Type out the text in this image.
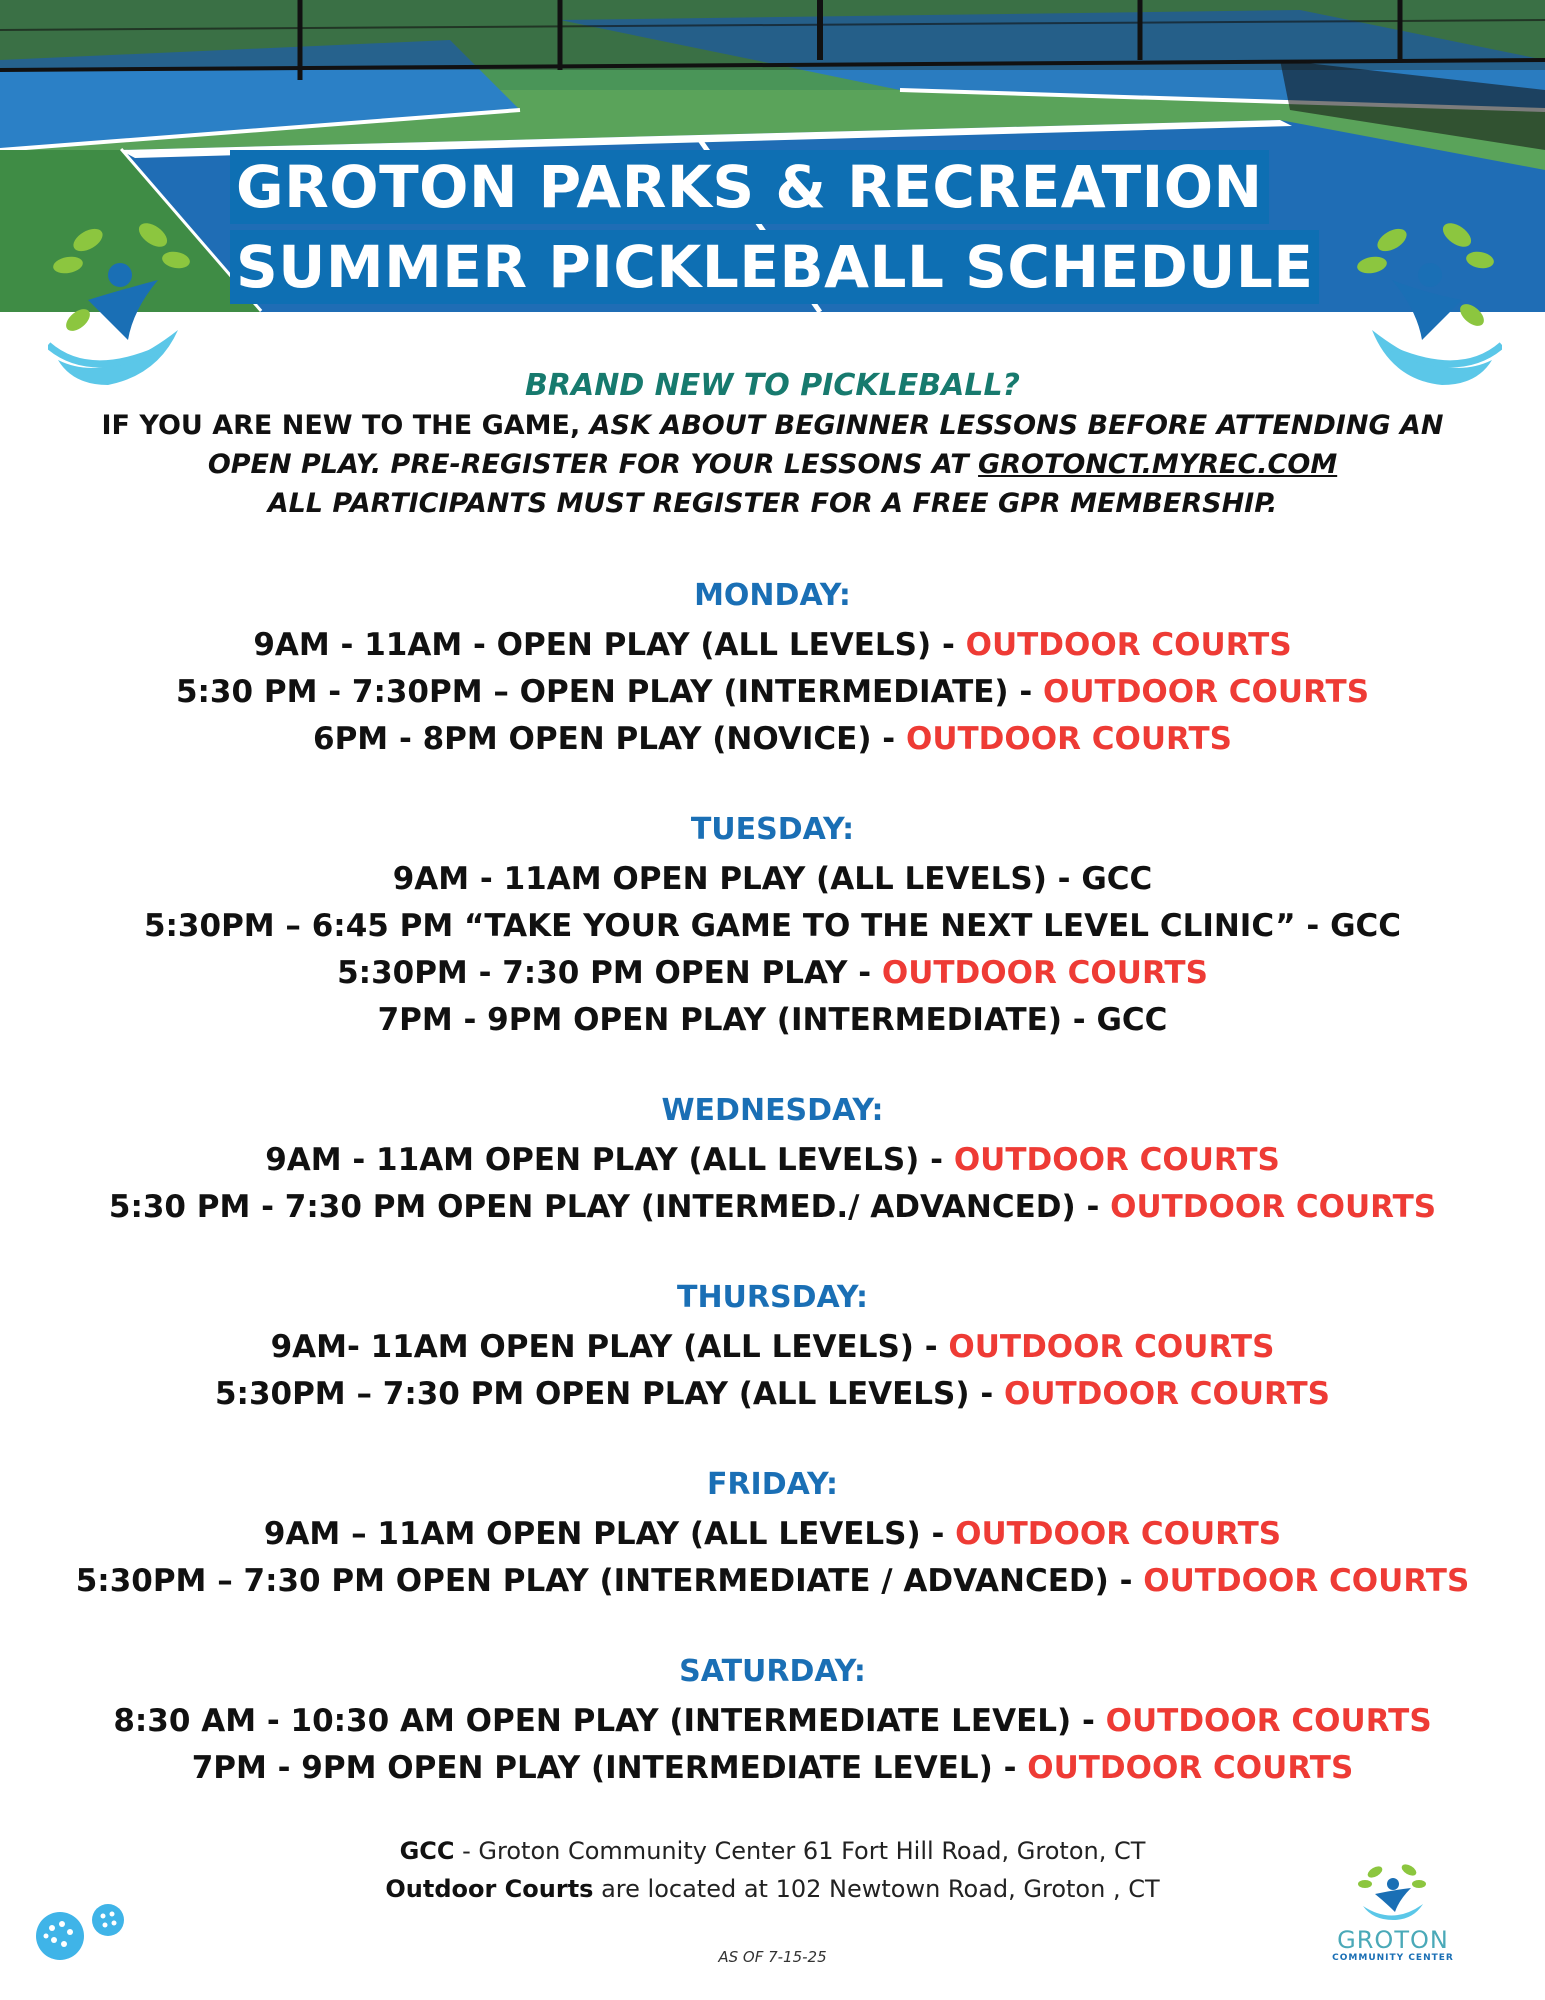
GROTON PARKS & RECREATION
SUMMER PICKLEBALL SCHEDULE
BRAND NEW TO PICKLEBALL?
IF YOU ARE NEW TO THE GAME, ASK ABOUT BEGINNER LESSONS BEFORE ATTENDING AN
OPEN PLAY. PRE-REGISTER FOR YOUR LESSONS AT GROTONCT.MYREC.COM
ALL PARTICIPANTS MUST REGISTER FOR A FREE GPR MEMBERSHIP.
MONDAY:
9AM - 11AM - OPEN PLAY (ALL LEVELS) - OUTDOOR COURTS
5:30 PM - 7:30PM – OPEN PLAY (INTERMEDIATE) - OUTDOOR COURTS
6PM - 8PM OPEN PLAY (NOVICE) - OUTDOOR COURTS
TUESDAY:
9AM - 11AM OPEN PLAY (ALL LEVELS) - GCC
5:30PM – 6:45 PM “TAKE YOUR GAME TO THE NEXT LEVEL CLINIC” - GCC
5:30PM - 7:30 PM OPEN PLAY - OUTDOOR COURTS
7PM - 9PM OPEN PLAY (INTERMEDIATE) - GCC
WEDNESDAY:
9AM - 11AM OPEN PLAY (ALL LEVELS) - OUTDOOR COURTS
5:30 PM - 7:30 PM OPEN PLAY (INTERMED./ ADVANCED) - OUTDOOR COURTS
THURSDAY:
9AM- 11AM OPEN PLAY (ALL LEVELS) - OUTDOOR COURTS
5:30PM – 7:30 PM OPEN PLAY (ALL LEVELS) - OUTDOOR COURTS
FRIDAY:
9AM – 11AM OPEN PLAY (ALL LEVELS) - OUTDOOR COURTS
5:30PM – 7:30 PM OPEN PLAY (INTERMEDIATE / ADVANCED) - OUTDOOR COURTS
SATURDAY:
8:30 AM - 10:30 AM OPEN PLAY (INTERMEDIATE LEVEL) - OUTDOOR COURTS
7PM - 9PM OPEN PLAY (INTERMEDIATE LEVEL) - OUTDOOR COURTS
GCC - Groton Community Center 61 Fort Hill Road, Groton, CT
Outdoor Courts are located at 102 Newtown Road, Groton , CT
AS OF 7-15-25
GROTON
COMMUNITY CENTER
